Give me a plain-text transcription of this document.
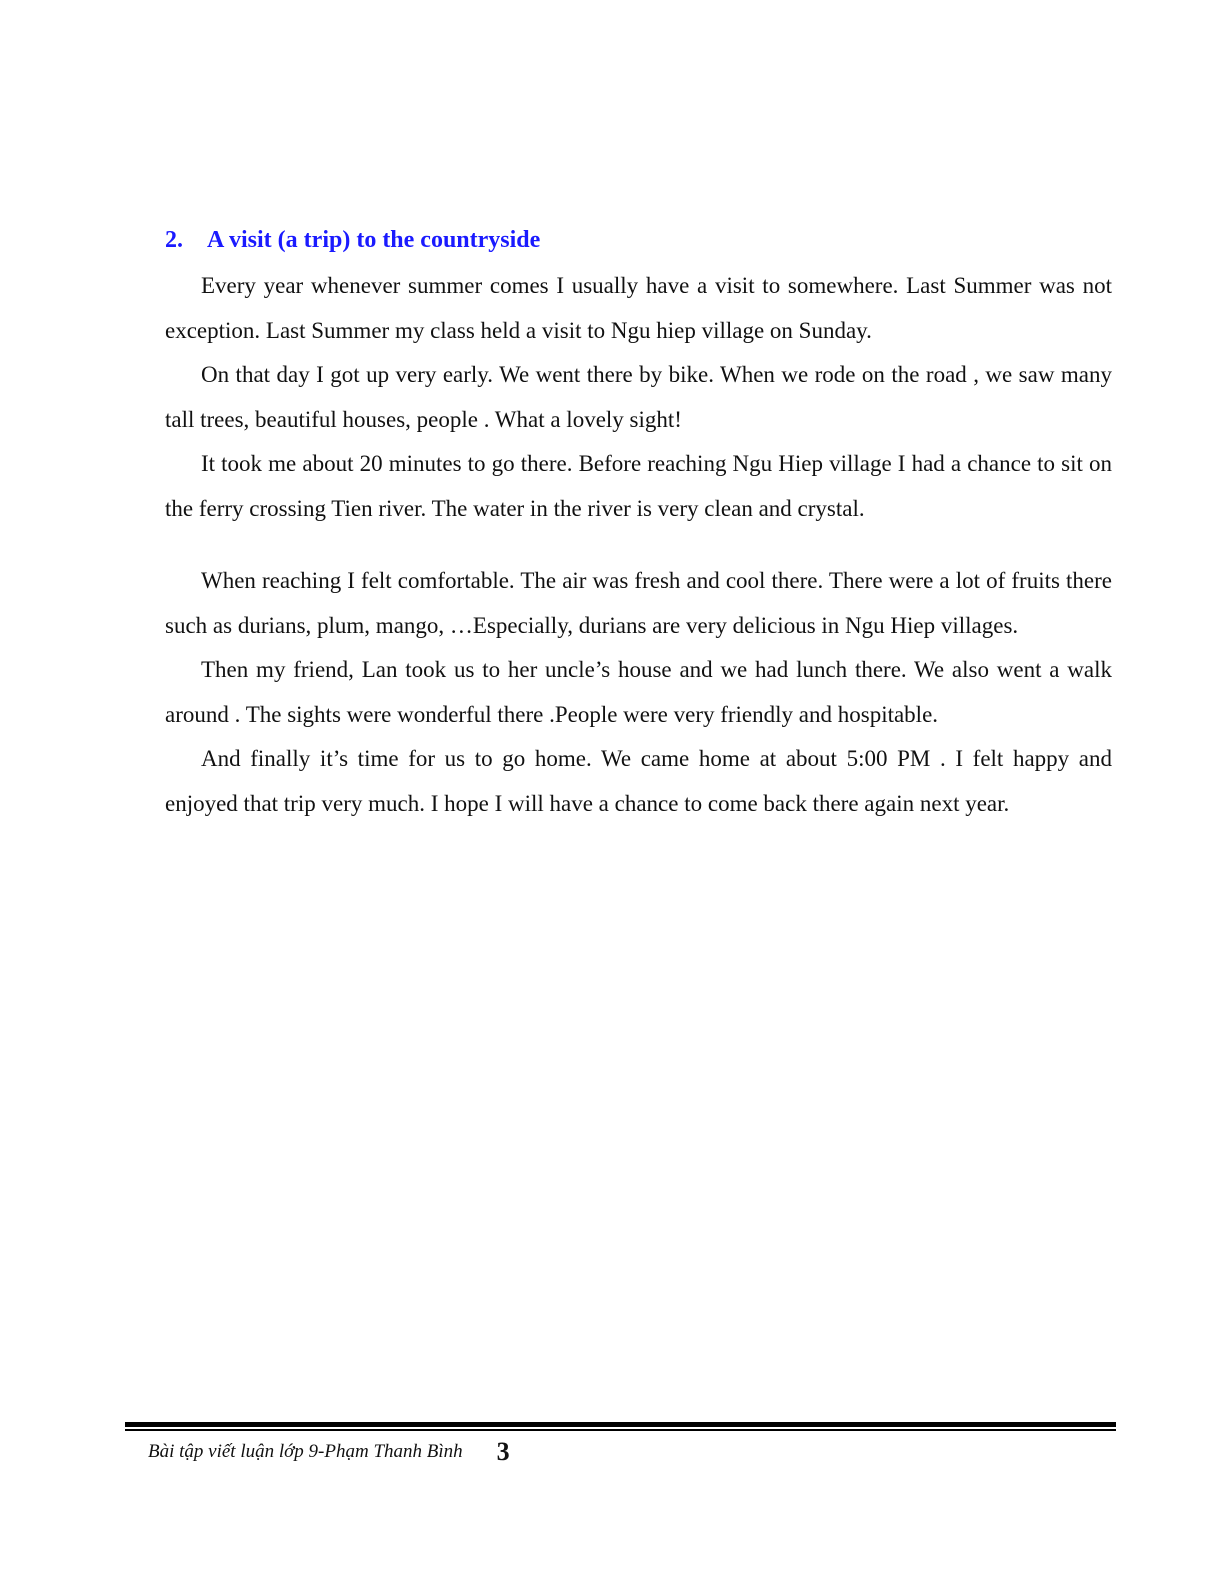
2. A visit (a trip) to the countryside

Every year whenever summer comes I usually have a visit to somewhere. Last Summer was not exception. Last Summer my class held a visit to Ngu hiep village on Sunday.

On that day I got up very early. We went there by bike. When we rode on the road , we saw many tall trees, beautiful houses, people . What a lovely sight!

It took me about 20 minutes to go there. Before reaching Ngu Hiep village I had a chance to sit on the ferry crossing Tien river. The water in the river is very clean and crystal.

When reaching I felt comfortable. The air was fresh and cool there. There were a lot of fruits there such as durians, plum, mango, …Especially, durians are very delicious in Ngu Hiep villages.

Then my friend, Lan took us to her uncle’s house and we had lunch there. We also went a walk around . The sights were wonderful there .People were very friendly and hospitable.

And finally it’s time for us to go home. We came home at about 5:00 PM . I felt happy and enjoyed that trip very much. I hope I will have a chance to come back there again next year.

Bài tập viết luận lớp 9-Phạm Thanh Bình 3
